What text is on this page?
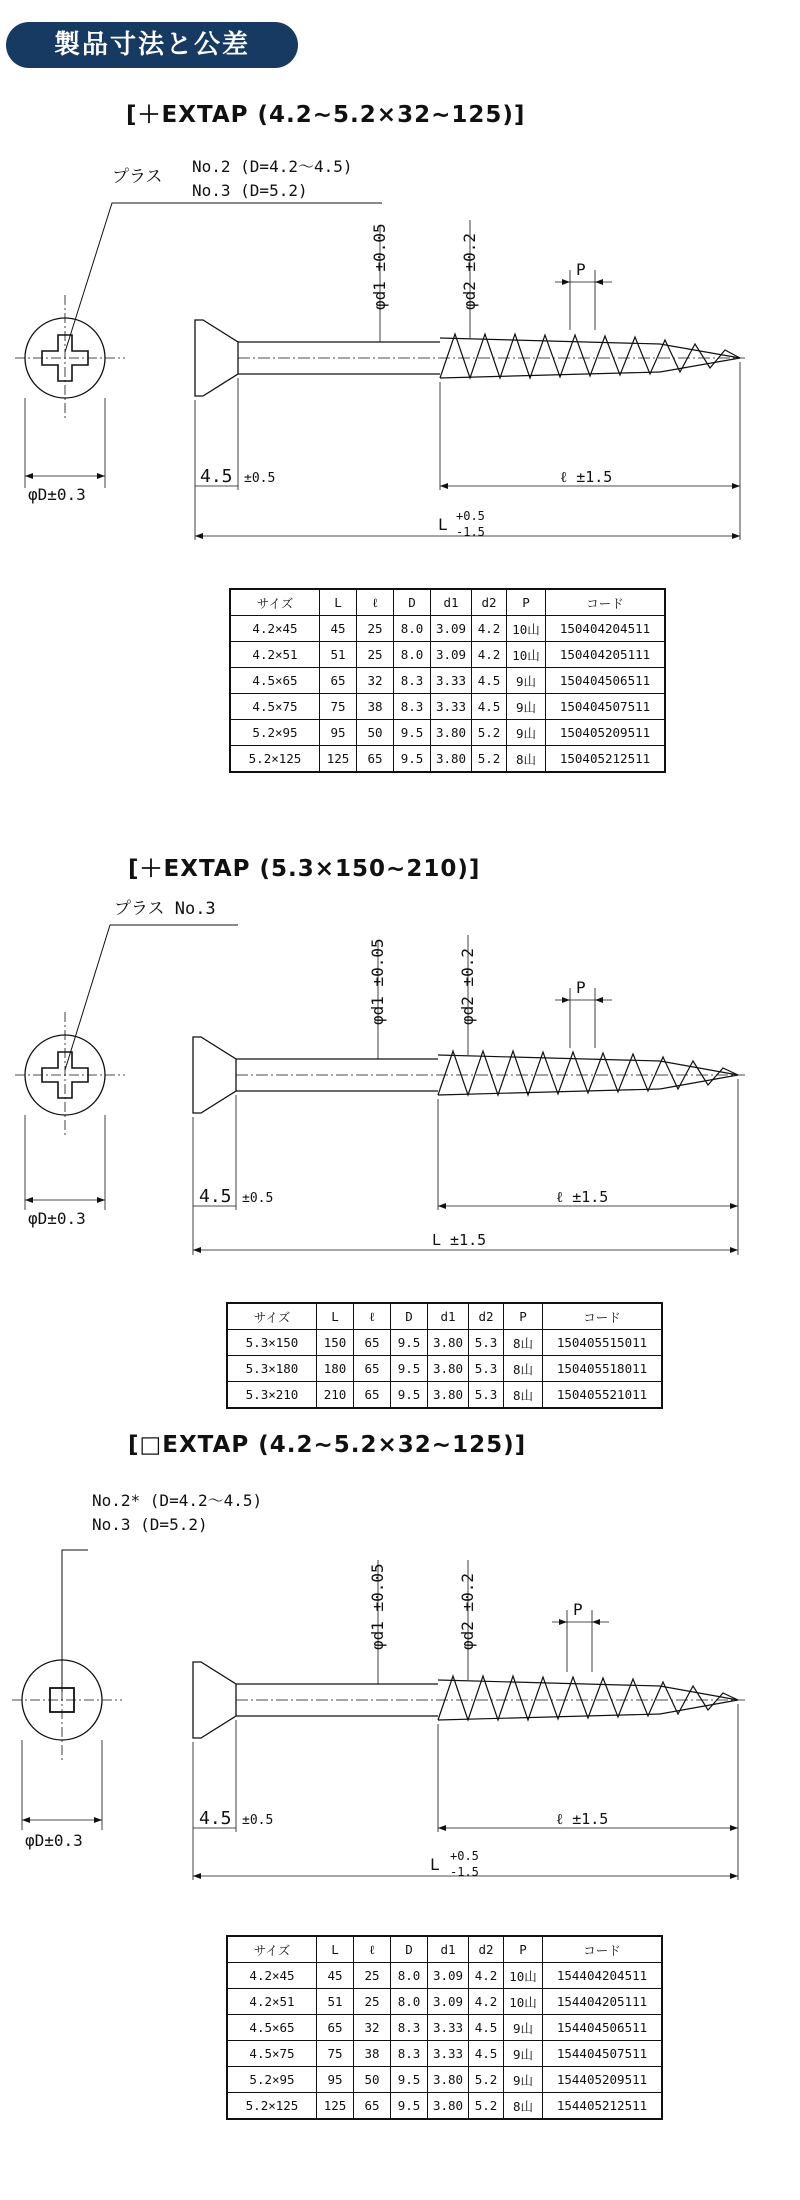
製品寸法と公差
[＋EXTAP (4.2~5.2×32~125)]
プラス
No.2 (D=4.2～4.5)
No.3 (D=5.2)
φd1 ±0.05	φd2 ±0.2	P
φD±0.3
4.5 ±0.5	ℓ ±1.5
L +0.5
-1.5
サイズ	L	ℓ	D	d1	d2	P	コード
4.2×45	45	25	8.0	3.09	4.2	10山	150404204511
4.2×51	51	25	8.0	3.09	4.2	10山	150404205111
4.5×65	65	32	8.3	3.33	4.5	9山	150404506511
4.5×75	75	38	8.3	3.33	4.5	9山	150404507511
5.2×95	95	50	9.5	3.80	5.2	9山	150405209511
5.2×125	125	65	9.5	3.80	5.2	8山	150405212511
[＋EXTAP (5.3×150~210)]
プラス No.3
φd1 ±0.05	φd2 ±0.2	P
φD±0.3
4.5 ±0.5	ℓ ±1.5
L ±1.5
サイズ	L	ℓ	D	d1	d2	P	コード
5.3×150	150	65	9.5	3.80	5.3	8山	150405515011
5.3×180	180	65	9.5	3.80	5.3	8山	150405518011
5.3×210	210	65	9.5	3.80	5.3	8山	150405521011
[□EXTAP (4.2~5.2×32~125)]
No.2* (D=4.2～4.5)
No.3 (D=5.2)
φd1 ±0.05	φd2 ±0.2	P
φD±0.3
4.5 ±0.5	ℓ ±1.5
L +0.5
-1.5
サイズ	L	ℓ	D	d1	d2	P	コード
4.2×45	45	25	8.0	3.09	4.2	10山	154404204511
4.2×51	51	25	8.0	3.09	4.2	10山	154404205111
4.5×65	65	32	8.3	3.33	4.5	9山	154404506511
4.5×75	75	38	8.3	3.33	4.5	9山	154404507511
5.2×95	95	50	9.5	3.80	5.2	9山	154405209511
5.2×125	125	65	9.5	3.80	5.2	8山	154405212511
